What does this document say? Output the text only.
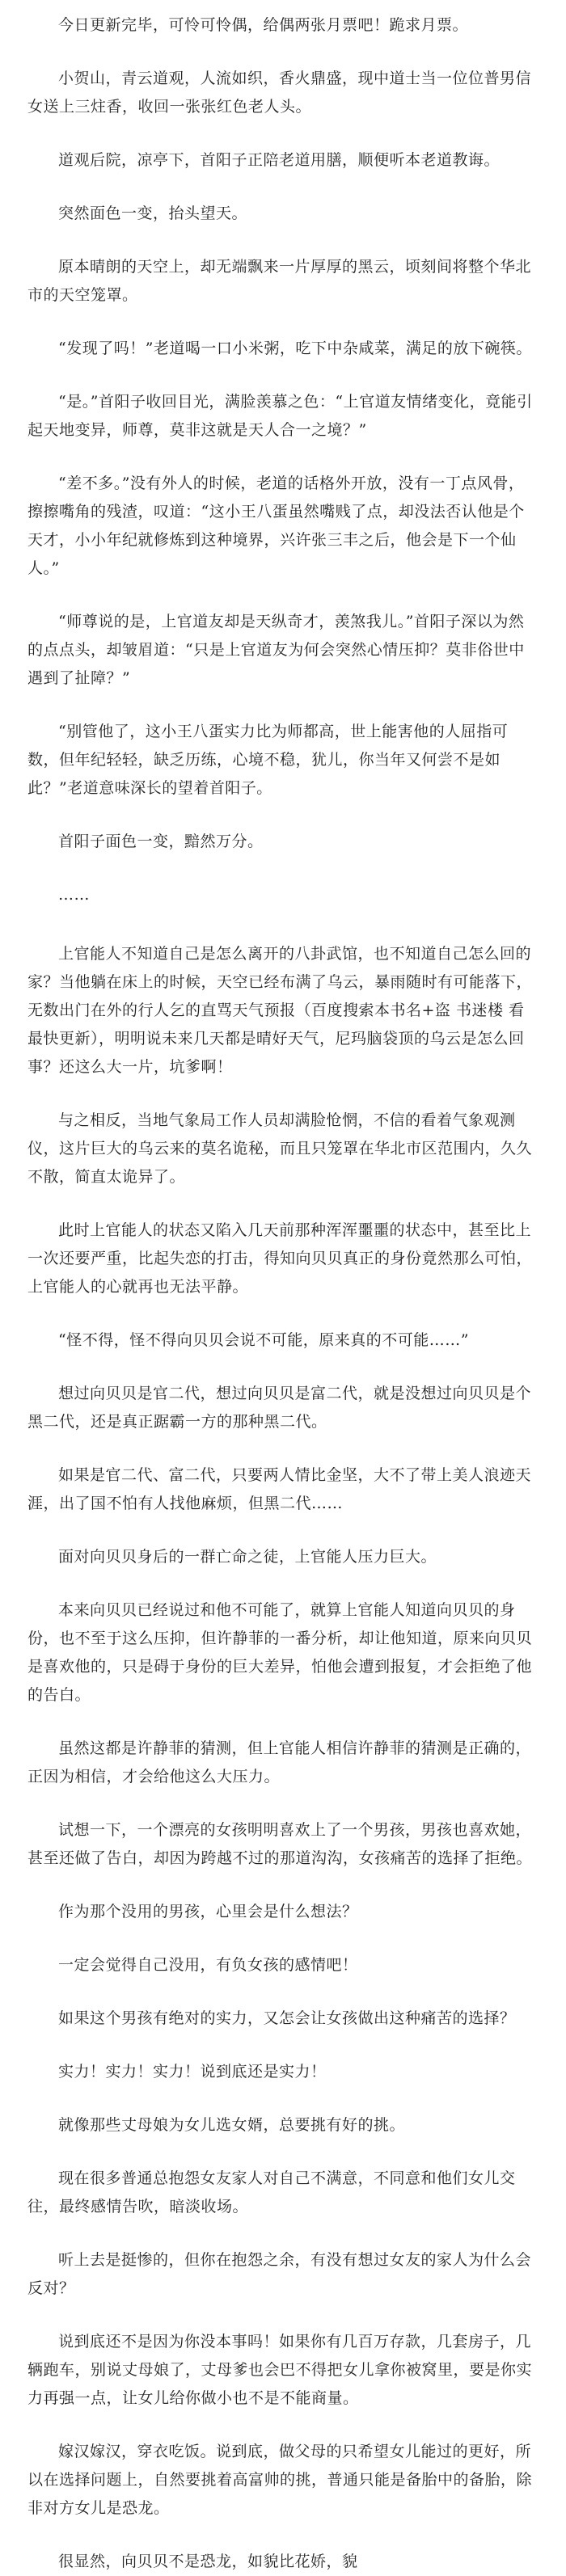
今日更新完毕，可怜可怜偶，给偶两张月票吧！跪求月票。

小贺山，青云道观，人流如织，香火鼎盛，现中道士当一位位普男信女送上三炷香，收回一张张红色老人头。

道观后院，凉亭下，首阳子正陪老道用膳，顺便听本老道教诲。

突然面色一变，抬头望天。

原本晴朗的天空上，却无端飘来一片厚厚的黑云，顷刻间将整个华北市的天空笼罩。

“发现了吗！”老道喝一口小米粥，吃下中杂咸菜，满足的放下碗筷。

“是。”首阳子收回目光，满脸羡慕之色：“上官道友情绪变化，竟能引起天地变异，师尊，莫非这就是天人合一之境？”

“差不多。”没有外人的时候，老道的话格外开放，没有一丁点风骨，擦擦嘴角的残渣，叹道：“这小王八蛋虽然嘴贱了点，却没法否认他是个天才，小小年纪就修炼到这种境界，兴许张三丰之后，他会是下一个仙人。”

“师尊说的是，上官道友却是天纵奇才，羡煞我儿。”首阳子深以为然的点点头，却皱眉道：“只是上官道友为何会突然心情压抑？莫非俗世中遇到了扯障？”

“别管他了，这小王八蛋实力比为师都高，世上能害他的人屈指可数，但年纪轻轻，缺乏历练，心境不稳，犹儿，你当年又何尝不是如此？”老道意味深长的望着首阳子。

首阳子面色一变，黯然万分。

……

上官能人不知道自己是怎么离开的八卦武馆，也不知道自己怎么回的家？当他躺在床上的时候，天空已经布满了乌云，暴雨随时有可能落下，无数出门在外的行人乞的直骂天气预报（百度搜索本书名+盗 书迷楼 看最快更新），明明说未来几天都是晴好天气，尼玛脑袋顶的乌云是怎么回事？还这么大一片，坑爹啊！

与之相反，当地气象局工作人员却满脸怆惘，不信的看着气象观测仪，这片巨大的乌云来的莫名诡秘，而且只笼罩在华北市区范围内，久久不散，简直太诡异了。

此时上官能人的状态又陷入几天前那种浑浑噩噩的状态中，甚至比上一次还要严重，比起失恋的打击，得知向贝贝真正的身份竟然那么可怕，上官能人的心就再也无法平静。

“怪不得，怪不得向贝贝会说不可能，原来真的不可能……”

想过向贝贝是官二代，想过向贝贝是富二代，就是没想过向贝贝是个黑二代，还是真正踞霸一方的那种黑二代。

如果是官二代、富二代，只要两人情比金坚，大不了带上美人浪迹天涯，出了国不怕有人找他麻烦，但黑二代……

面对向贝贝身后的一群亡命之徒，上官能人压力巨大。

本来向贝贝已经说过和他不可能了，就算上官能人知道向贝贝的身份，也不至于这么压抑，但许静菲的一番分析，却让他知道，原来向贝贝是喜欢他的，只是碍于身份的巨大差异，怕他会遭到报复，才会拒绝了他的告白。

虽然这都是许静菲的猜测，但上官能人相信许静菲的猜测是正确的，正因为相信，才会给他这么大压力。

试想一下，一个漂亮的女孩明明喜欢上了一个男孩，男孩也喜欢她，甚至还做了告白，却因为跨越不过的那道沟沟，女孩痛苦的选择了拒绝。

作为那个没用的男孩，心里会是什么想法？

一定会觉得自己没用，有负女孩的感情吧！

如果这个男孩有绝对的实力，又怎会让女孩做出这种痛苦的选择？

实力！实力！实力！说到底还是实力！

就像那些丈母娘为女儿选女婿，总要挑有好的挑。

现在很多普通总抱怨女友家人对自己不满意，不同意和他们女儿交往，最终感情告吹，暗淡收场。

听上去是挺惨的，但你在抱怨之余，有没有想过女友的家人为什么会反对？

说到底还不是因为你没本事吗！如果你有几百万存款，几套房子，几辆跑车，别说丈母娘了，丈母爹也会巴不得把女儿拿你被窝里，要是你实力再强一点，让女儿给你做小也不是不能商量。

嫁汉嫁汉，穿衣吃饭。说到底，做父母的只希望女儿能过的更好，所以在选择问题上，自然要挑着高富帅的挑，普通只能是备胎中的备胎，除非对方女儿是恐龙。

很显然，向贝贝不是恐龙，如貌比花娇，貌
